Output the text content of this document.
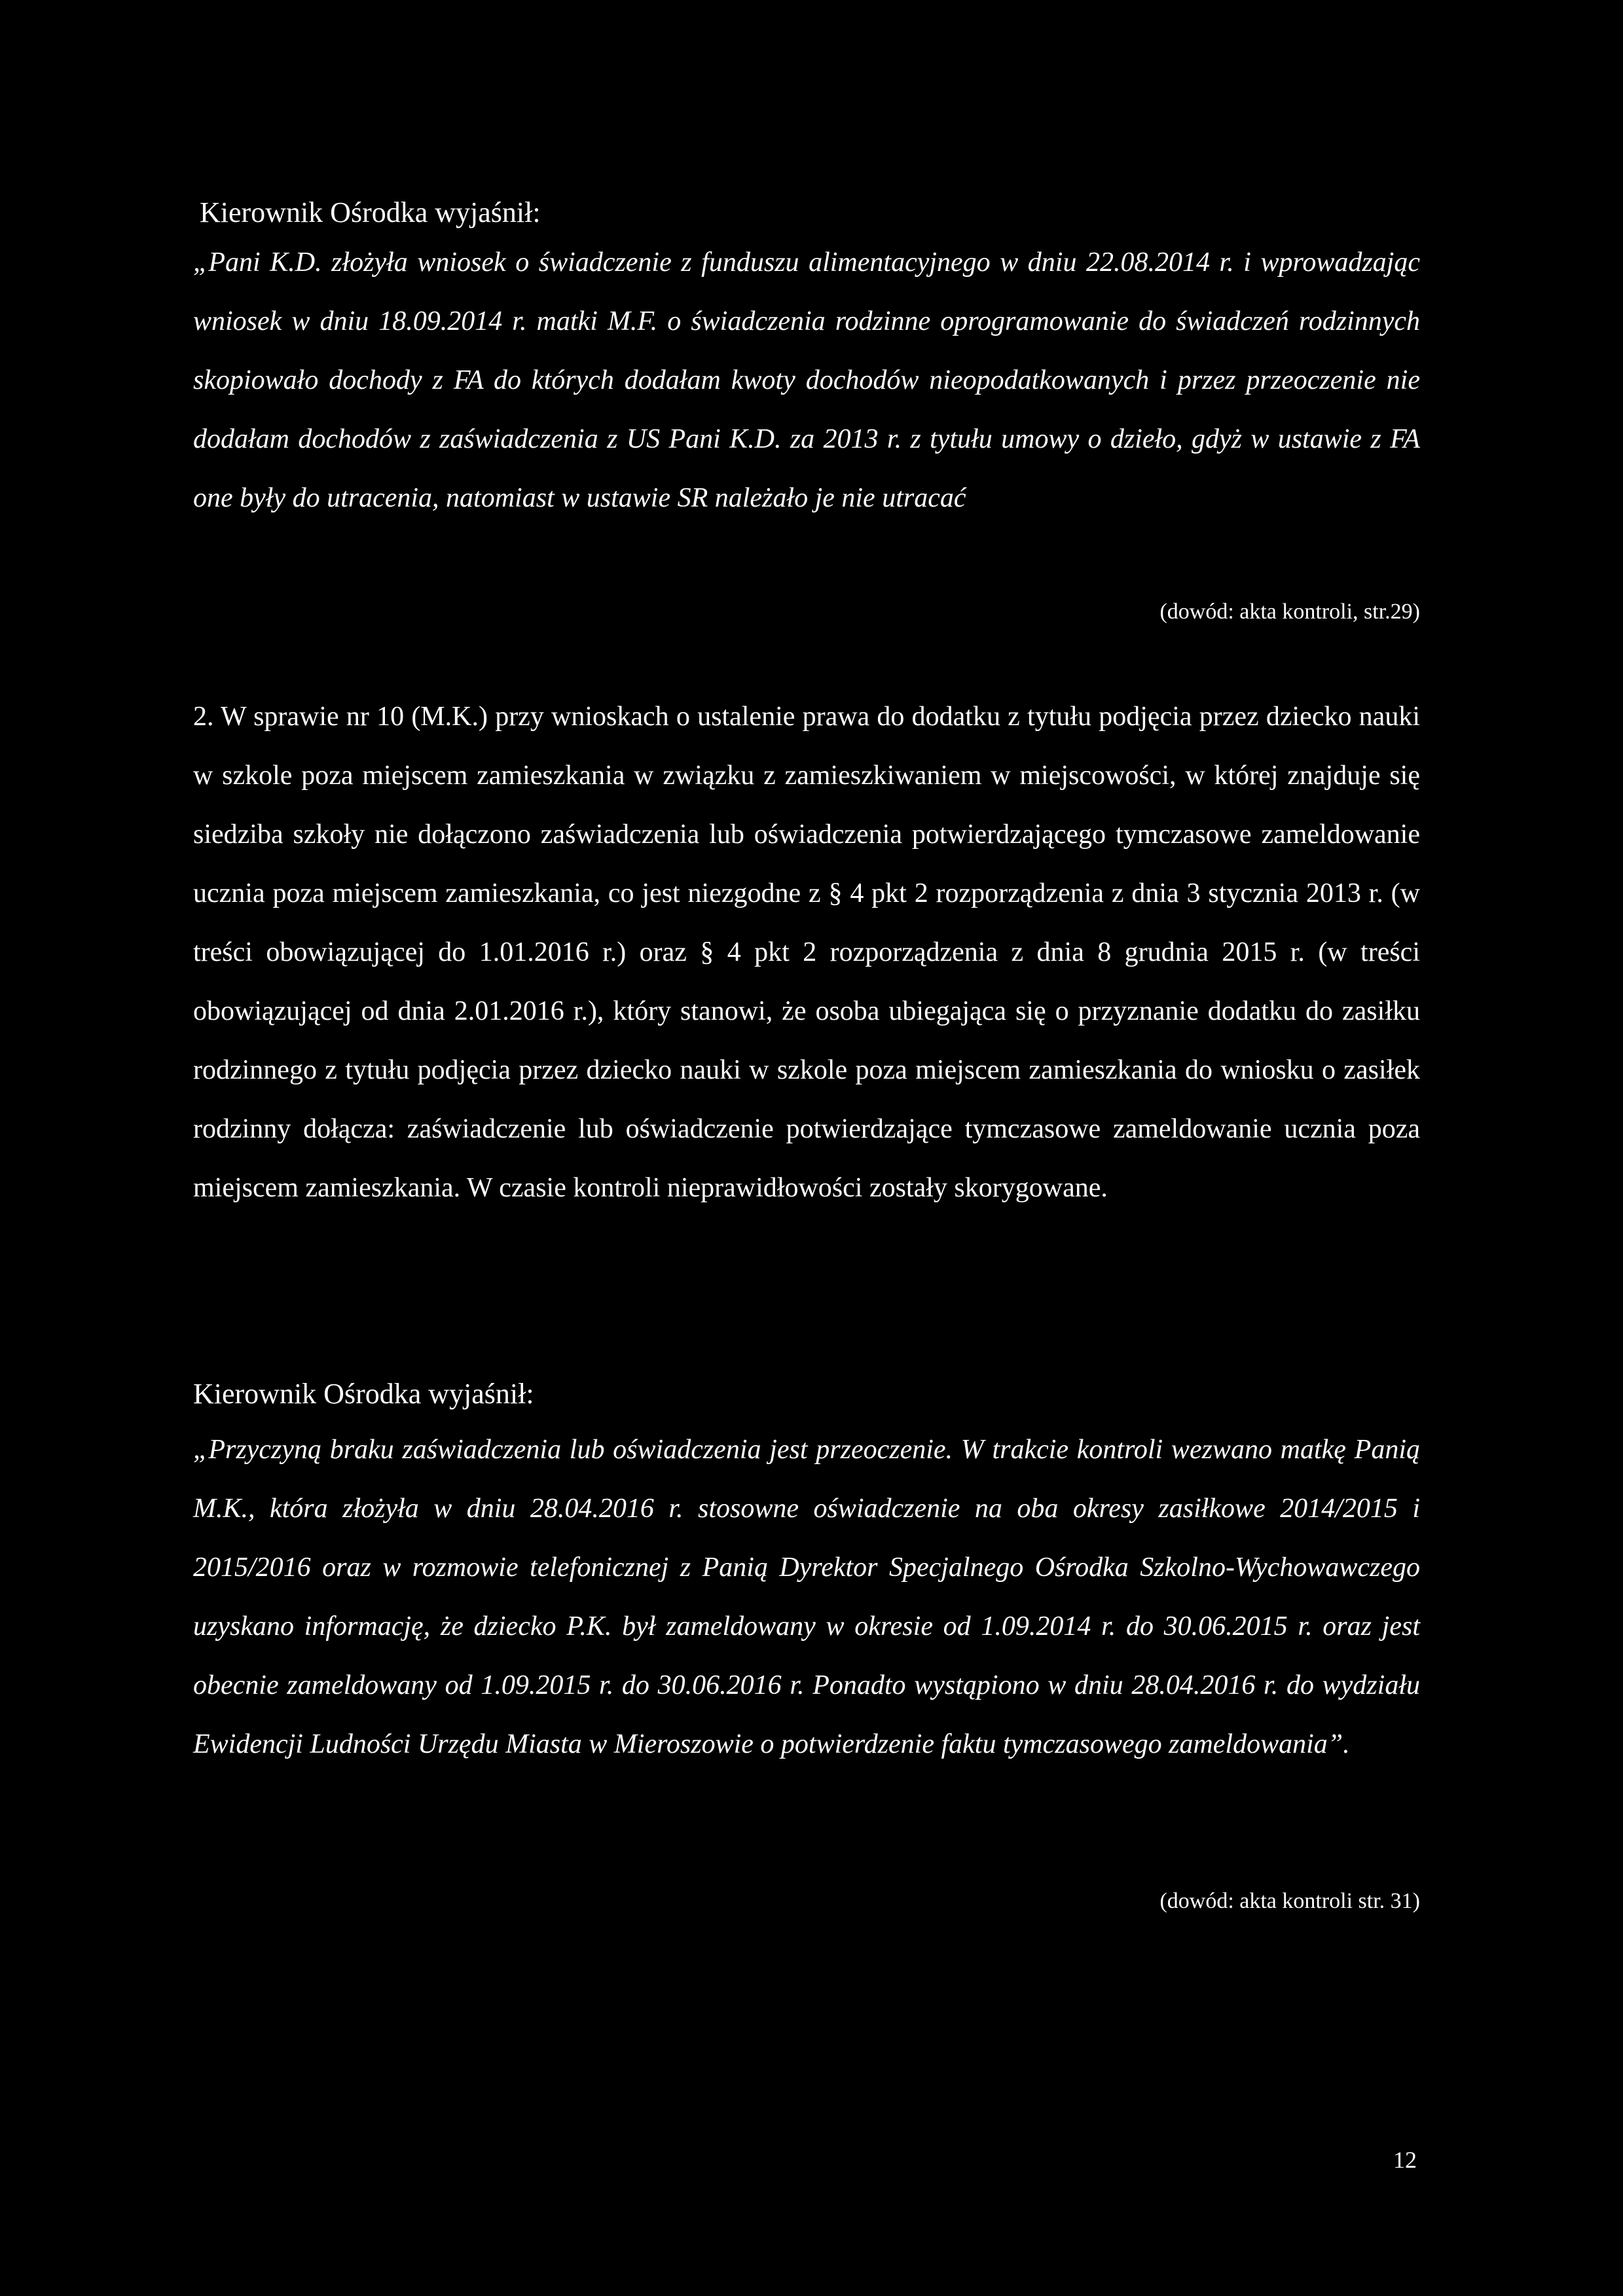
Kierownik Ośrodka wyjaśnił:

„Pani K.D. złożyła wniosek o świadczenie z funduszu alimentacyjnego w dniu 22.08.2014 r. i wprowadzając wniosek w dniu 18.09.2014 r. matki M.F. o świadczenia rodzinne oprogramowanie do świadczeń rodzinnych skopiowało dochody z FA do których dodałam kwoty dochodów nieopodatkowanych i przez przeoczenie nie dodałam dochodów z zaświadczenia z US Pani K.D. za 2013 r. z tytułu umowy o dzieło, gdyż w ustawie z FA one były do utracenia, natomiast w ustawie SR należało je nie utracać

(dowód: akta kontroli, str.29)

2. W sprawie nr 10 (M.K.) przy wnioskach o ustalenie prawa do dodatku z tytułu podjęcia przez dziecko nauki w szkole poza miejscem zamieszkania w związku z zamieszkiwaniem w miejscowości, w której znajduje się siedziba szkoły nie dołączono zaświadczenia lub oświadczenia potwierdzającego tymczasowe zameldowanie ucznia poza miejscem zamieszkania, co jest niezgodne z § 4 pkt 2 rozporządzenia z dnia 3 stycznia 2013 r. (w treści obowiązującej do 1.01.2016 r.) oraz § 4 pkt 2 rozporządzenia z dnia 8 grudnia 2015 r. (w treści obowiązującej od dnia 2.01.2016 r.), który stanowi, że osoba ubiegająca się o przyznanie dodatku do zasiłku rodzinnego z tytułu podjęcia przez dziecko nauki w szkole poza miejscem zamieszkania do wniosku o zasiłek rodzinny dołącza: zaświadczenie lub oświadczenie potwierdzające tymczasowe zameldowanie ucznia poza miejscem zamieszkania. W czasie kontroli nieprawidłowości zostały skorygowane.

Kierownik Ośrodka wyjaśnił:

„Przyczyną braku zaświadczenia lub oświadczenia jest przeoczenie. W trakcie kontroli wezwano matkę Panią M.K., która złożyła w dniu 28.04.2016 r. stosowne oświadczenie na oba okresy zasiłkowe 2014/2015 i 2015/2016 oraz w rozmowie telefonicznej z Panią Dyrektor Specjalnego Ośrodka Szkolno-Wychowawczego uzyskano informację, że dziecko P.K. był zameldowany w okresie od 1.09.2014 r. do 30.06.2015 r. oraz jest obecnie zameldowany od 1.09.2015 r. do 30.06.2016 r. Ponadto wystąpiono w dniu 28.04.2016 r. do wydziału Ewidencji Ludności Urzędu Miasta w Mieroszowie o potwierdzenie faktu tymczasowego zameldowania”.

(dowód: akta kontroli str. 31)

12
